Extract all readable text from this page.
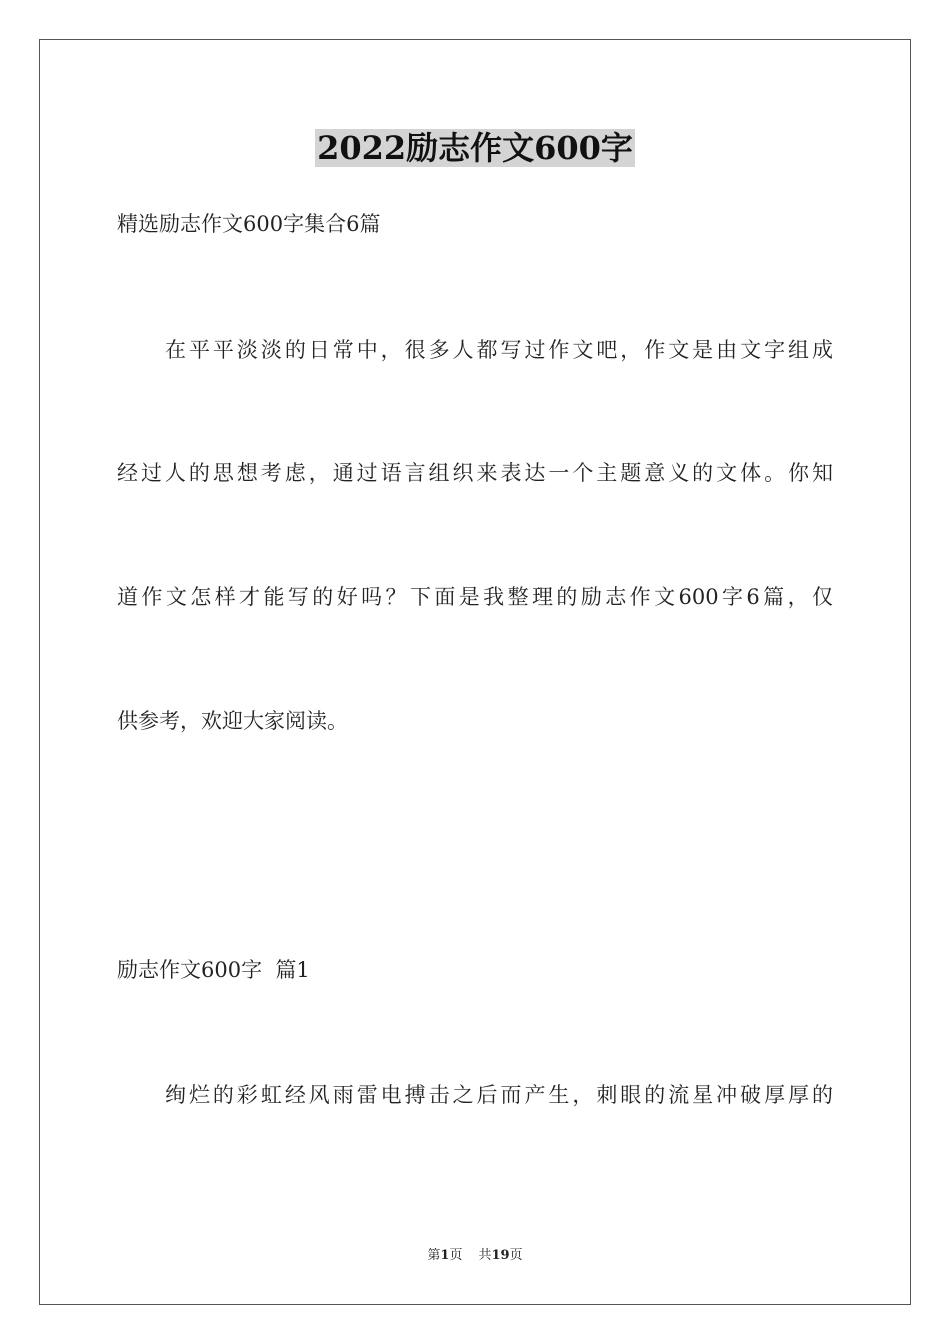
2022励志作文600字
精选励志作文600字集合6篇
在平平淡淡的日常中，很多人都写过作文吧，作文是由文字组成
经过人的思想考虑，通过语言组织来表达一个主题意义的文体。你知
道作文怎样才能写的好吗？下面是我整理的励志作文600字6篇，仅
供参考，欢迎大家阅读。
励志作文600字  篇1
绚烂的彩虹经风雨雷电搏击之后而产生，刺眼的流星冲破厚厚的
第1页 共19页
